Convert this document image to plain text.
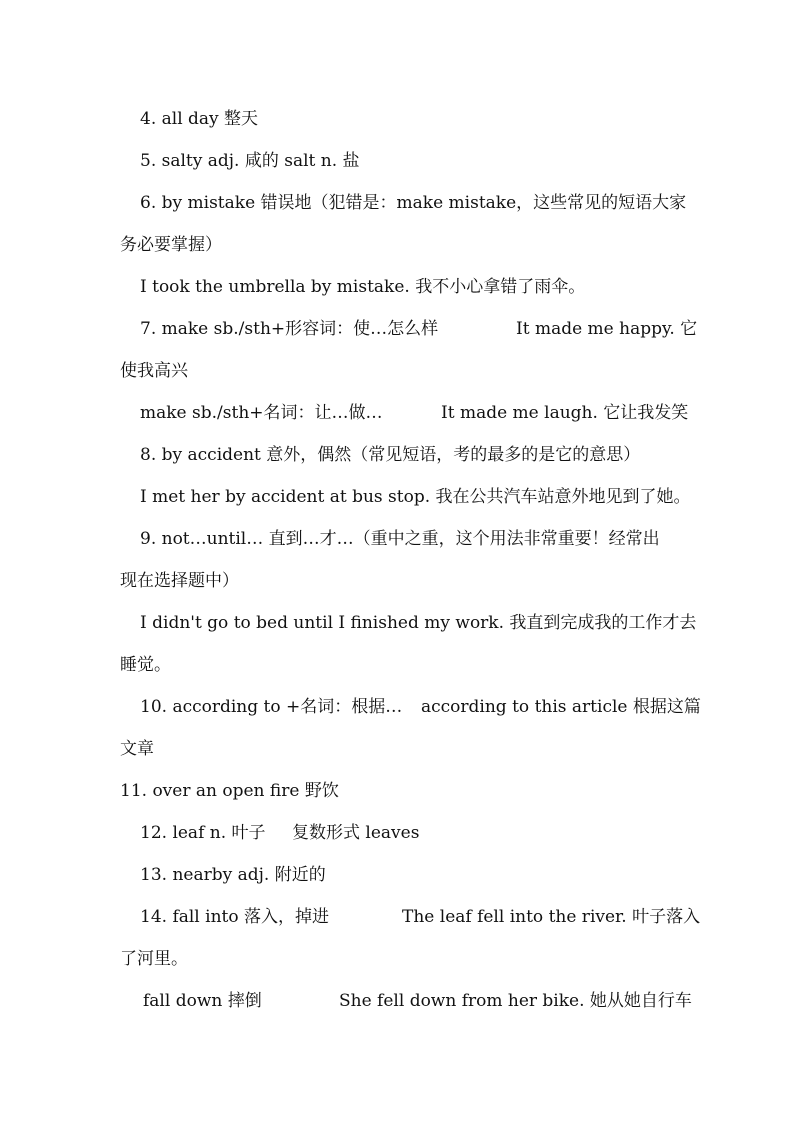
4. all day 整天
5. salty adj. 咸的 salt n. 盐
6. by mistake 错误地（犯错是：make mistake，这些常见的短语大家
务必要掌握）
I took the umbrella by mistake. 我不小心拿错了雨伞。
7. make sb./sth+形容词：使…怎么样	It made me happy. 它
使我高兴
make sb./sth+名词：让…做…	It made me laugh. 它让我发笑
8. by accident 意外，偶然（常见短语，考的最多的是它的意思）
I met her by accident at bus stop. 我在公共汽车站意外地见到了她。
9. not…until… 直到…才…（重中之重，这个用法非常重要！经常出
现在选择题中）
I didn't go to bed until I finished my work. 我直到完成我的工作才去
睡觉。
10. according to +名词：根据… according to this article 根据这篇
文章
11. over an open fire 野饮
12. leaf n. 叶子 复数形式 leaves
13. nearby adj. 附近的
14. fall into 落入，掉进	The leaf fell into the river. 叶子落入
了河里。
fall down 摔倒	She fell down from her bike. 她从她自行车
